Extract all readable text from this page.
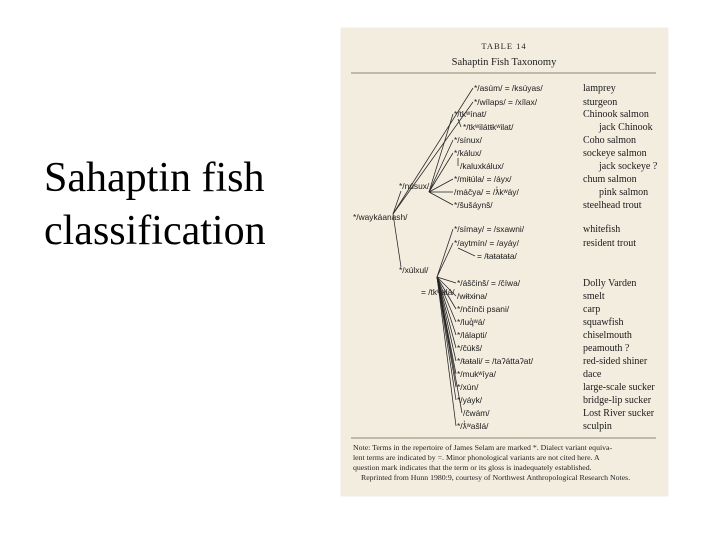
Sahaptin fish
classification
TABLE 14
Sahaptin Fish Taxonomy
*/waykáanash/
*/núsux/
*/xúlxul/
= /tkʷalá/
*/asúm/ = /ksúyas/	lamprey
*/wílaps/ = /xílax/	sturgeon
*/tkʷínat/	Chinook salmon
*/tkʷilátŧkʷilat/	jack Chinook
*/sínux/	Coho salmon
*/kálux/	sockeye salmon
/kaluxkálux/	jack sockeye ?
*/miŧúla/ = /áyx/	chum salmon
/máčya/ = /ƛ̓kʷáy/	pink salmon
*/šušáynš/	steelhead trout
*/símay/ = /sxawni/	whitefish
*/aytmín/ = /ayáy/	resident trout
= /ŧaŧaŧaŧa/
*/áščinš/ = /číwa/	Dolly Varden
/wɨŧxɨna/	smelt
*/nčínči psani/	carp
*/luq̓ʷá/	squawfish
*/lálapti/	chiselmouth
*/čúkš/	peamouth ?
*/ŧaŧali/ = /taʔáttaʔat/	red-sided shiner
*/mukʷíya/	dace
*/xún/	large-scale sucker
*/yáyk/	bridge-lip sucker
/čwám/	Lost River sucker
*/ƛ̓ʷašlá/	sculpin
Note: Terms in the repertoire of James Selam are marked *. Dialect variant equiva-
lent terms are indicated by =. Minor phonological variants are not cited here. A
question mark indicates that the term or its gloss is inadequately established.
Reprinted from Hunn 1980:9, courtesy of Northwest Anthropological Research Notes.
